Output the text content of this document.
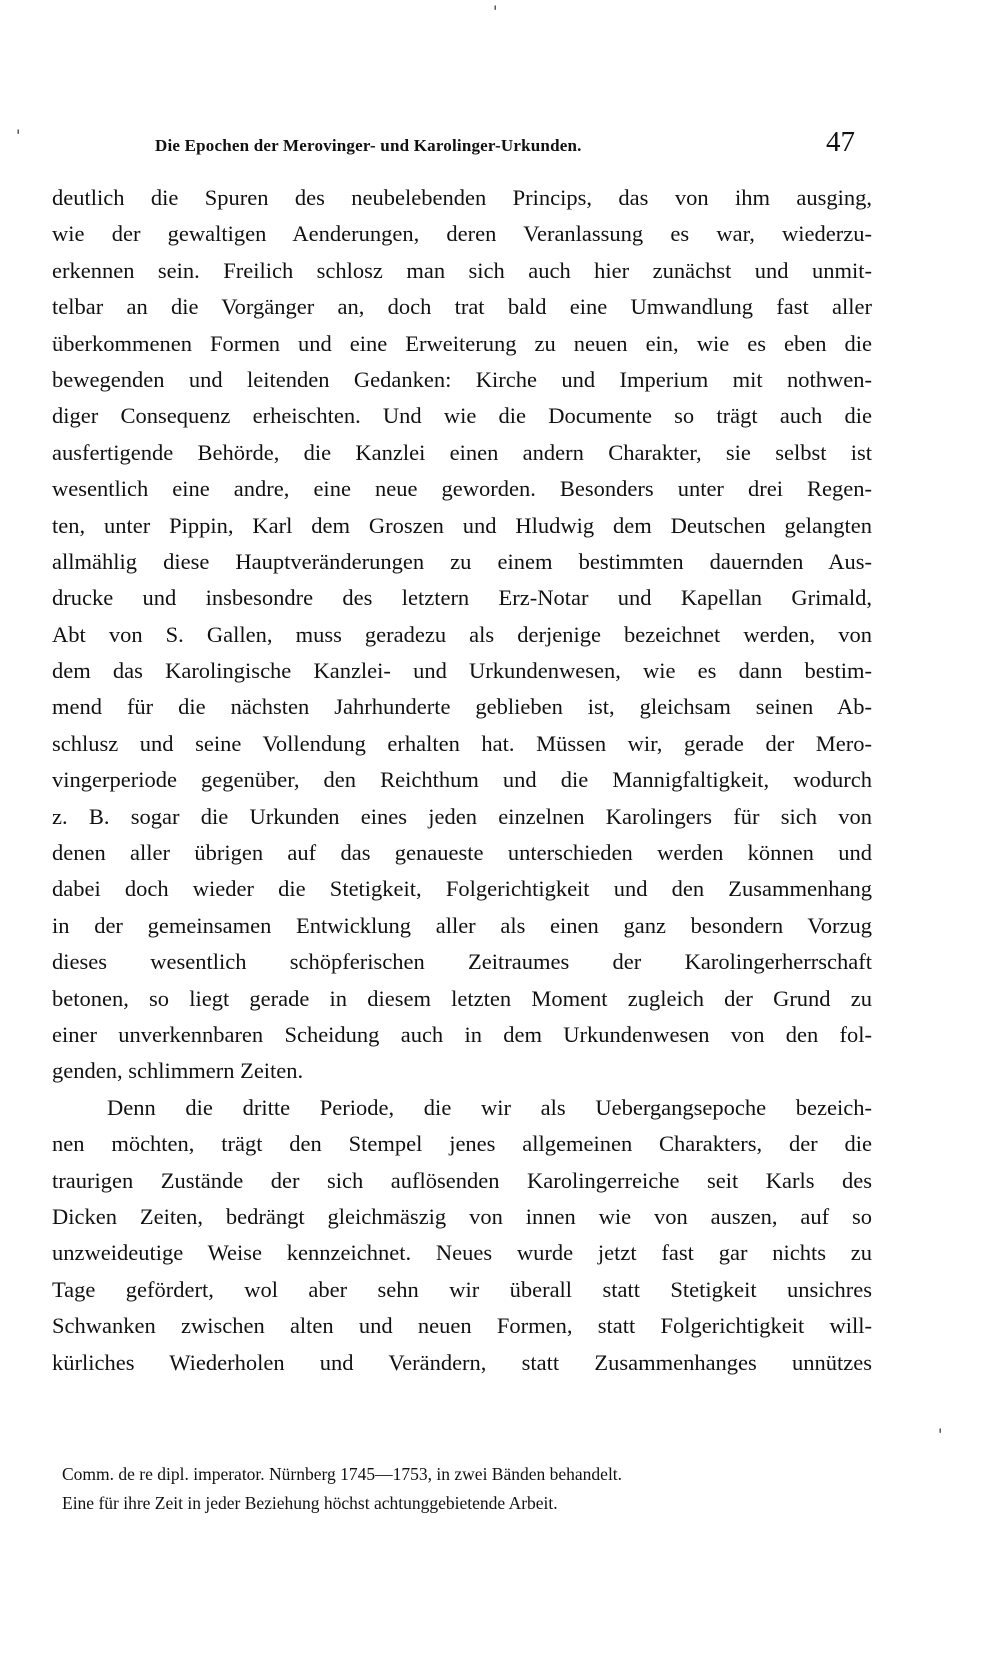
'
'
'
Die Epochen der Merovinger- und Karolinger-Urkunden.	47
deutlich die Spuren des neubelebenden Princips, das von ihm ausging,
wie der gewaltigen Aenderungen, deren Veranlassung es war, wiederzu-
erkennen sein. Freilich schlosz man sich auch hier zunächst und unmit-
telbar an die Vorgänger an, doch trat bald eine Umwandlung fast aller
überkommenen Formen und eine Erweiterung zu neuen ein, wie es eben die
bewegenden und leitenden Gedanken: Kirche und Imperium mit nothwen-
diger Consequenz erheischten. Und wie die Documente so trägt auch die
ausfertigende Behörde, die Kanzlei einen andern Charakter, sie selbst ist
wesentlich eine andre, eine neue geworden. Besonders unter drei Regen-
ten, unter Pippin, Karl dem Groszen und Hludwig dem Deutschen gelangten
allmählig diese Hauptveränderungen zu einem bestimmten dauernden Aus-
drucke und insbesondre des letztern Erz-Notar und Kapellan Grimald,
Abt von S. Gallen, muss geradezu als derjenige bezeichnet werden, von
dem das Karolingische Kanzlei- und Urkundenwesen, wie es dann bestim-
mend für die nächsten Jahrhunderte geblieben ist, gleichsam seinen Ab-
schlusz und seine Vollendung erhalten hat. Müssen wir, gerade der Mero-
vingerperiode gegenüber, den Reichthum und die Mannigfaltigkeit, wodurch
z. B. sogar die Urkunden eines jeden einzelnen Karolingers für sich von
denen aller übrigen auf das genaueste unterschieden werden können und
dabei doch wieder die Stetigkeit, Folgerichtigkeit und den Zusammenhang
in der gemeinsamen Entwicklung aller als einen ganz besondern Vorzug
dieses wesentlich schöpferischen Zeitraumes der Karolingerherrschaft
betonen, so liegt gerade in diesem letzten Moment zugleich der Grund zu
einer unverkennbaren Scheidung auch in dem Urkundenwesen von den fol-
genden, schlimmern Zeiten.
Denn die dritte Periode, die wir als Uebergangsepoche bezeich-
nen möchten, trägt den Stempel jenes allgemeinen Charakters, der die
traurigen Zustände der sich auflösenden Karolingerreiche seit Karls des
Dicken Zeiten, bedrängt gleichmäszig von innen wie von auszen, auf so
unzweideutige Weise kennzeichnet. Neues wurde jetzt fast gar nichts zu
Tage gefördert, wol aber sehn wir überall statt Stetigkeit unsichres
Schwanken zwischen alten und neuen Formen, statt Folgerichtigkeit will-
kürliches Wiederholen und Verändern, statt Zusammenhanges unnützes
Comm. de re dipl. imperator. Nürnberg 1745—1753, in zwei Bänden behandelt.
Eine für ihre Zeit in jeder Beziehung höchst achtunggebietende Arbeit.
